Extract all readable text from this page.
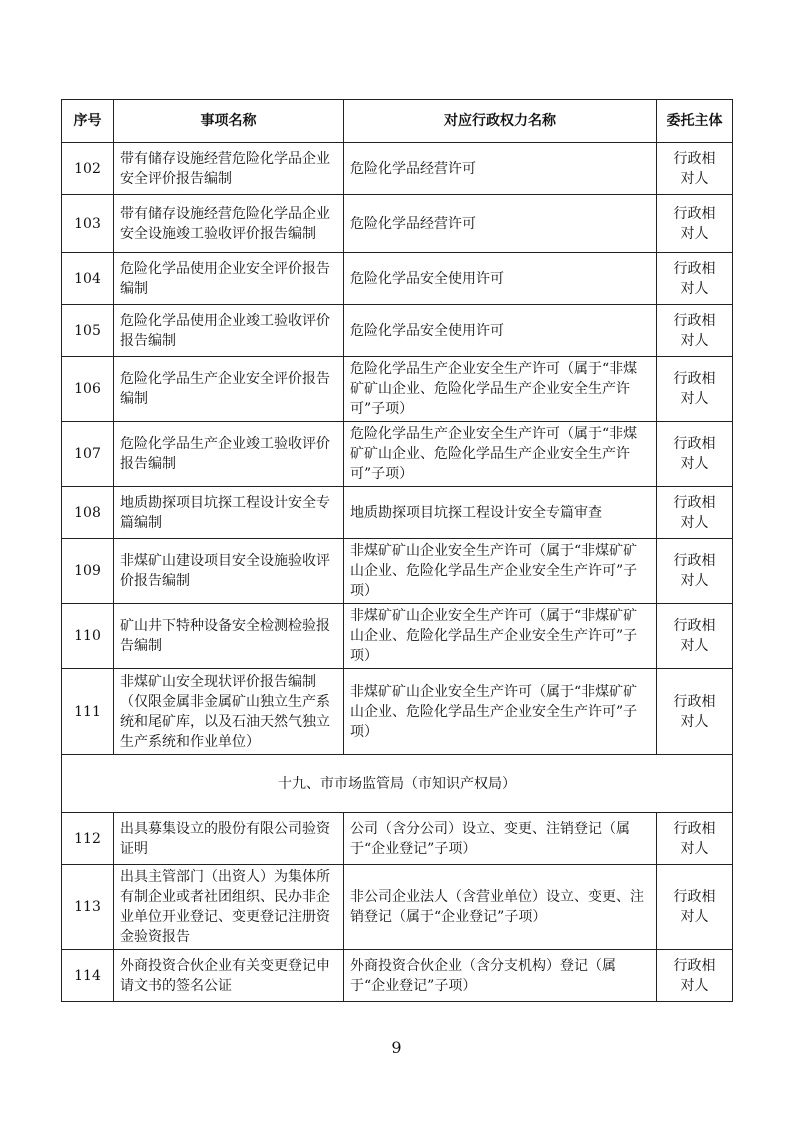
序号	事项名称	对应行政权力名称	委托主体
102	带有储存设施经营危险化学品企业安全评价报告编制	危险化学品经营许可	行政相对人
103	带有储存设施经营危险化学品企业安全设施竣工验收评价报告编制	危险化学品经营许可	行政相对人
104	危险化学品使用企业安全评价报告编制	危险化学品安全使用许可	行政相对人
105	危险化学品使用企业竣工验收评价报告编制	危险化学品安全使用许可	行政相对人
106	危险化学品生产企业安全评价报告编制	危险化学品生产企业安全生产许可（属于“非煤矿矿山企业、危险化学品生产企业安全生产许可”子项）	行政相对人
107	危险化学品生产企业竣工验收评价报告编制	危险化学品生产企业安全生产许可（属于“非煤矿矿山企业、危险化学品生产企业安全生产许可”子项）	行政相对人
108	地质勘探项目坑探工程设计安全专篇编制	地质勘探项目坑探工程设计安全专篇审查	行政相对人
109	非煤矿山建设项目安全设施验收评价报告编制	非煤矿矿山企业安全生产许可（属于“非煤矿矿山企业、危险化学品生产企业安全生产许可”子项）	行政相对人
110	矿山井下特种设备安全检测检验报告编制	非煤矿矿山企业安全生产许可（属于“非煤矿矿山企业、危险化学品生产企业安全生产许可”子项）	行政相对人
111	非煤矿山安全现状评价报告编制（仅限金属非金属矿山独立生产系统和尾矿库，以及石油天然气独立生产系统和作业单位）	非煤矿矿山企业安全生产许可（属于“非煤矿矿山企业、危险化学品生产企业安全生产许可”子项）	行政相对人
十九、市市场监管局（市知识产权局）			
112	出具募集设立的股份有限公司验资证明	公司（含分公司）设立、变更、注销登记（属于“企业登记”子项）	行政相对人
113	出具主管部门（出资人）为集体所有制企业或者社团组织、民办非企业单位开业登记、变更登记注册资金验资报告	非公司企业法人（含营业单位）设立、变更、注销登记（属于“企业登记”子项）	行政相对人
114	外商投资合伙企业有关变更登记申请文书的签名公证	外商投资合伙企业（含分支机构）登记（属于“企业登记”子项）	行政相对人
9
